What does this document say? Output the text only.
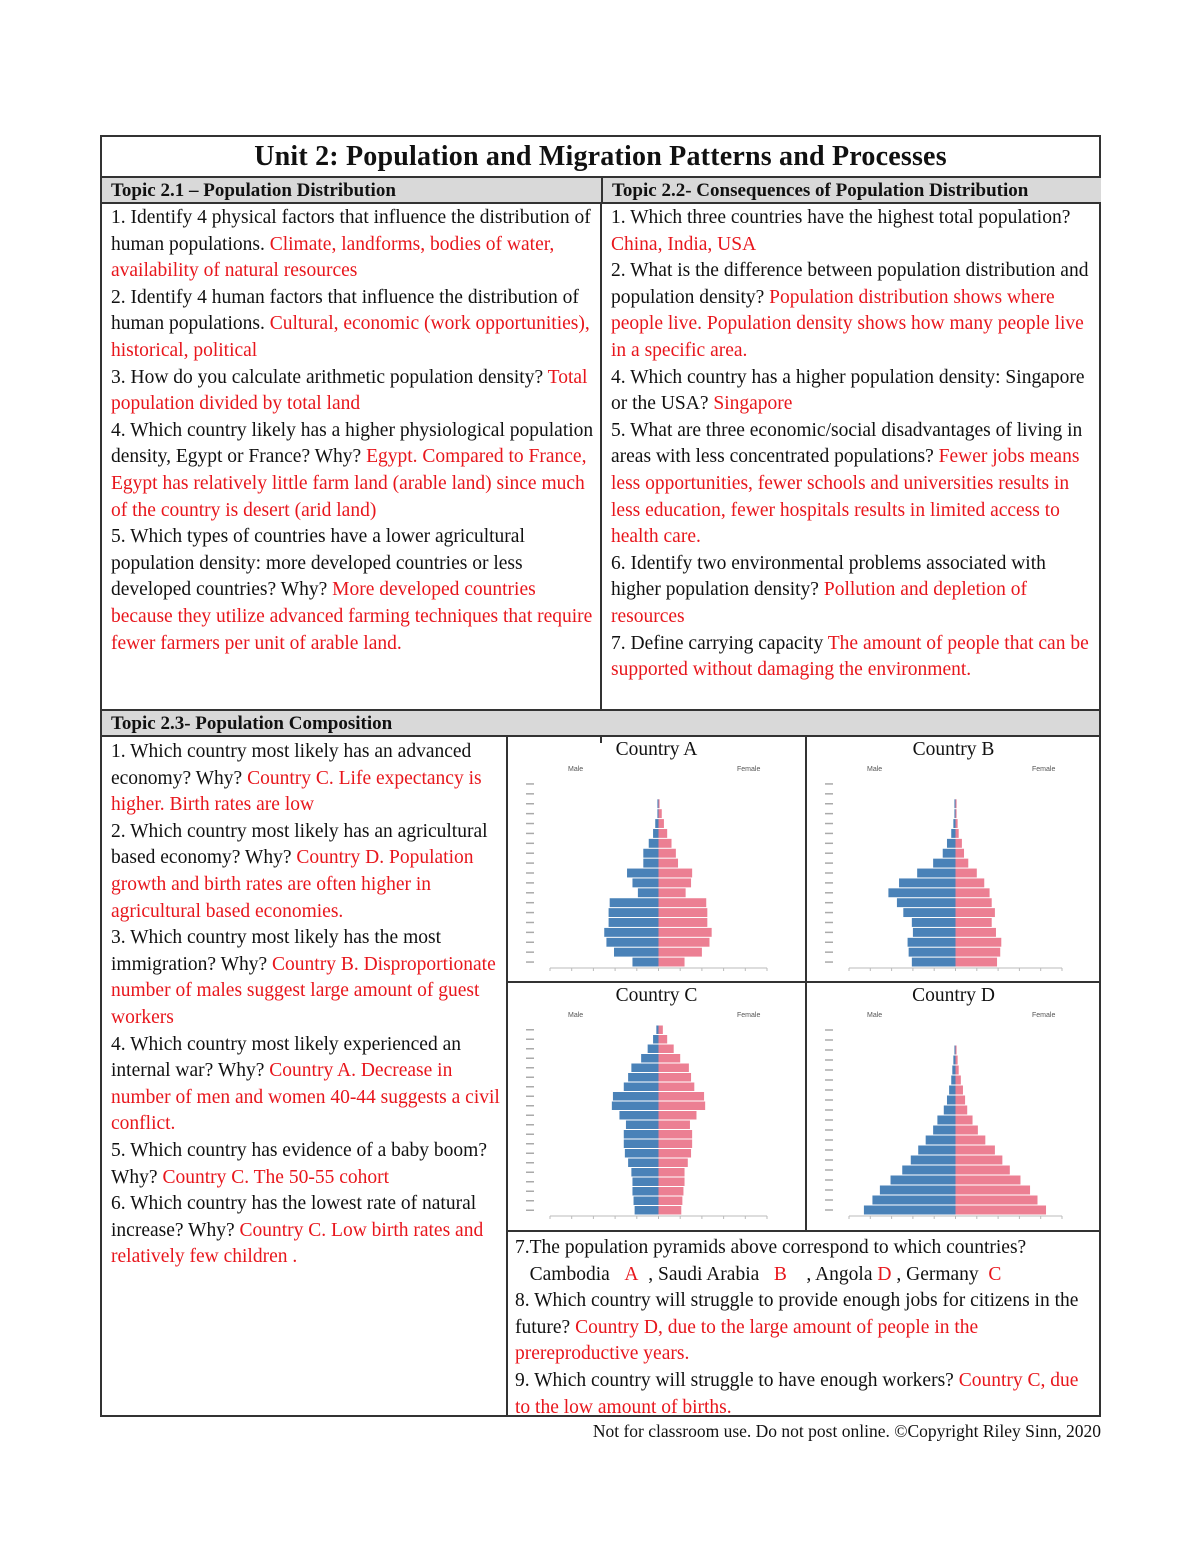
Unit 2: Population and Migration Patterns and Processes
Topic 2.1 – Population Distribution	Topic 2.2- Consequences of Population Distribution

1. Identify 4 physical factors that influence the distribution of human populations. Climate, landforms, bodies of water, availability of natural resources

2. Identify 4 human factors that influence the distribution of human populations. Cultural, economic (work opportunities), historical, political

3. How do you calculate arithmetic population density? Total population divided by total land

4. Which country likely has a higher physiological population density, Egypt or France? Why? Egypt. Compared to France, Egypt has relatively little farm land (arable land) since much of the country is desert (arid land)

5. Which types of countries have a lower agricultural population density: more developed countries or less developed countries? Why? More developed countries because they utilize advanced farming techniques that require fewer farmers per unit of arable land.

1. Which three countries have the highest total population? China, India, USA

2. What is the difference between population distribution and population density? Population distribution shows where people live. Population density shows how many people live in a specific area.

4. Which country has a higher population density: Singapore or the USA? Singapore

5. What are three economic/social disadvantages of living in areas with less concentrated populations? Fewer jobs means less opportunities, fewer schools and universities results in less education, fewer hospitals results in limited access to health care.

6. Identify two environmental problems associated with higher population density? Pollution and depletion of resources

7. Define carrying capacity The amount of people that can be supported without damaging the environment.

Topic 2.3- Population Composition

1. Which country most likely has an advanced economy? Why? Country C. Life expectancy is higher. Birth rates are low

2. Which country most likely has an agricultural based economy? Why? Country D. Population growth and birth rates are often higher in agricultural based economies.

3. Which country most likely has the most immigration? Why? Country B. Disproportionate number of males suggest large amount of guest workers

4. Which country most likely experienced an internal war? Why? Country A. Decrease in number of men and women 40-44 suggests a civil conflict.

5. Which country has evidence of a baby boom? Why? Country C. The 50-55 cohort

6. Which country has the lowest rate of natural increase? Why? Country C. Low birth rates and relatively few children .

Country A
Male	Female
Country B
Male	Female
Country C
Male	Female
Country D
Male	Female

7.The population pyramids above correspond to which countries?

Cambodia A , Saudi Arabia B , Angola D , Germany C

8. Which country will struggle to provide enough jobs for citizens in the future? Country D, due to the large amount of people in the prereproductive years.

9. Which country will struggle to have enough workers? Country C, due to the low amount of births.

Not for classroom use. Do not post online. ©Copyright Riley Sinn, 2020
